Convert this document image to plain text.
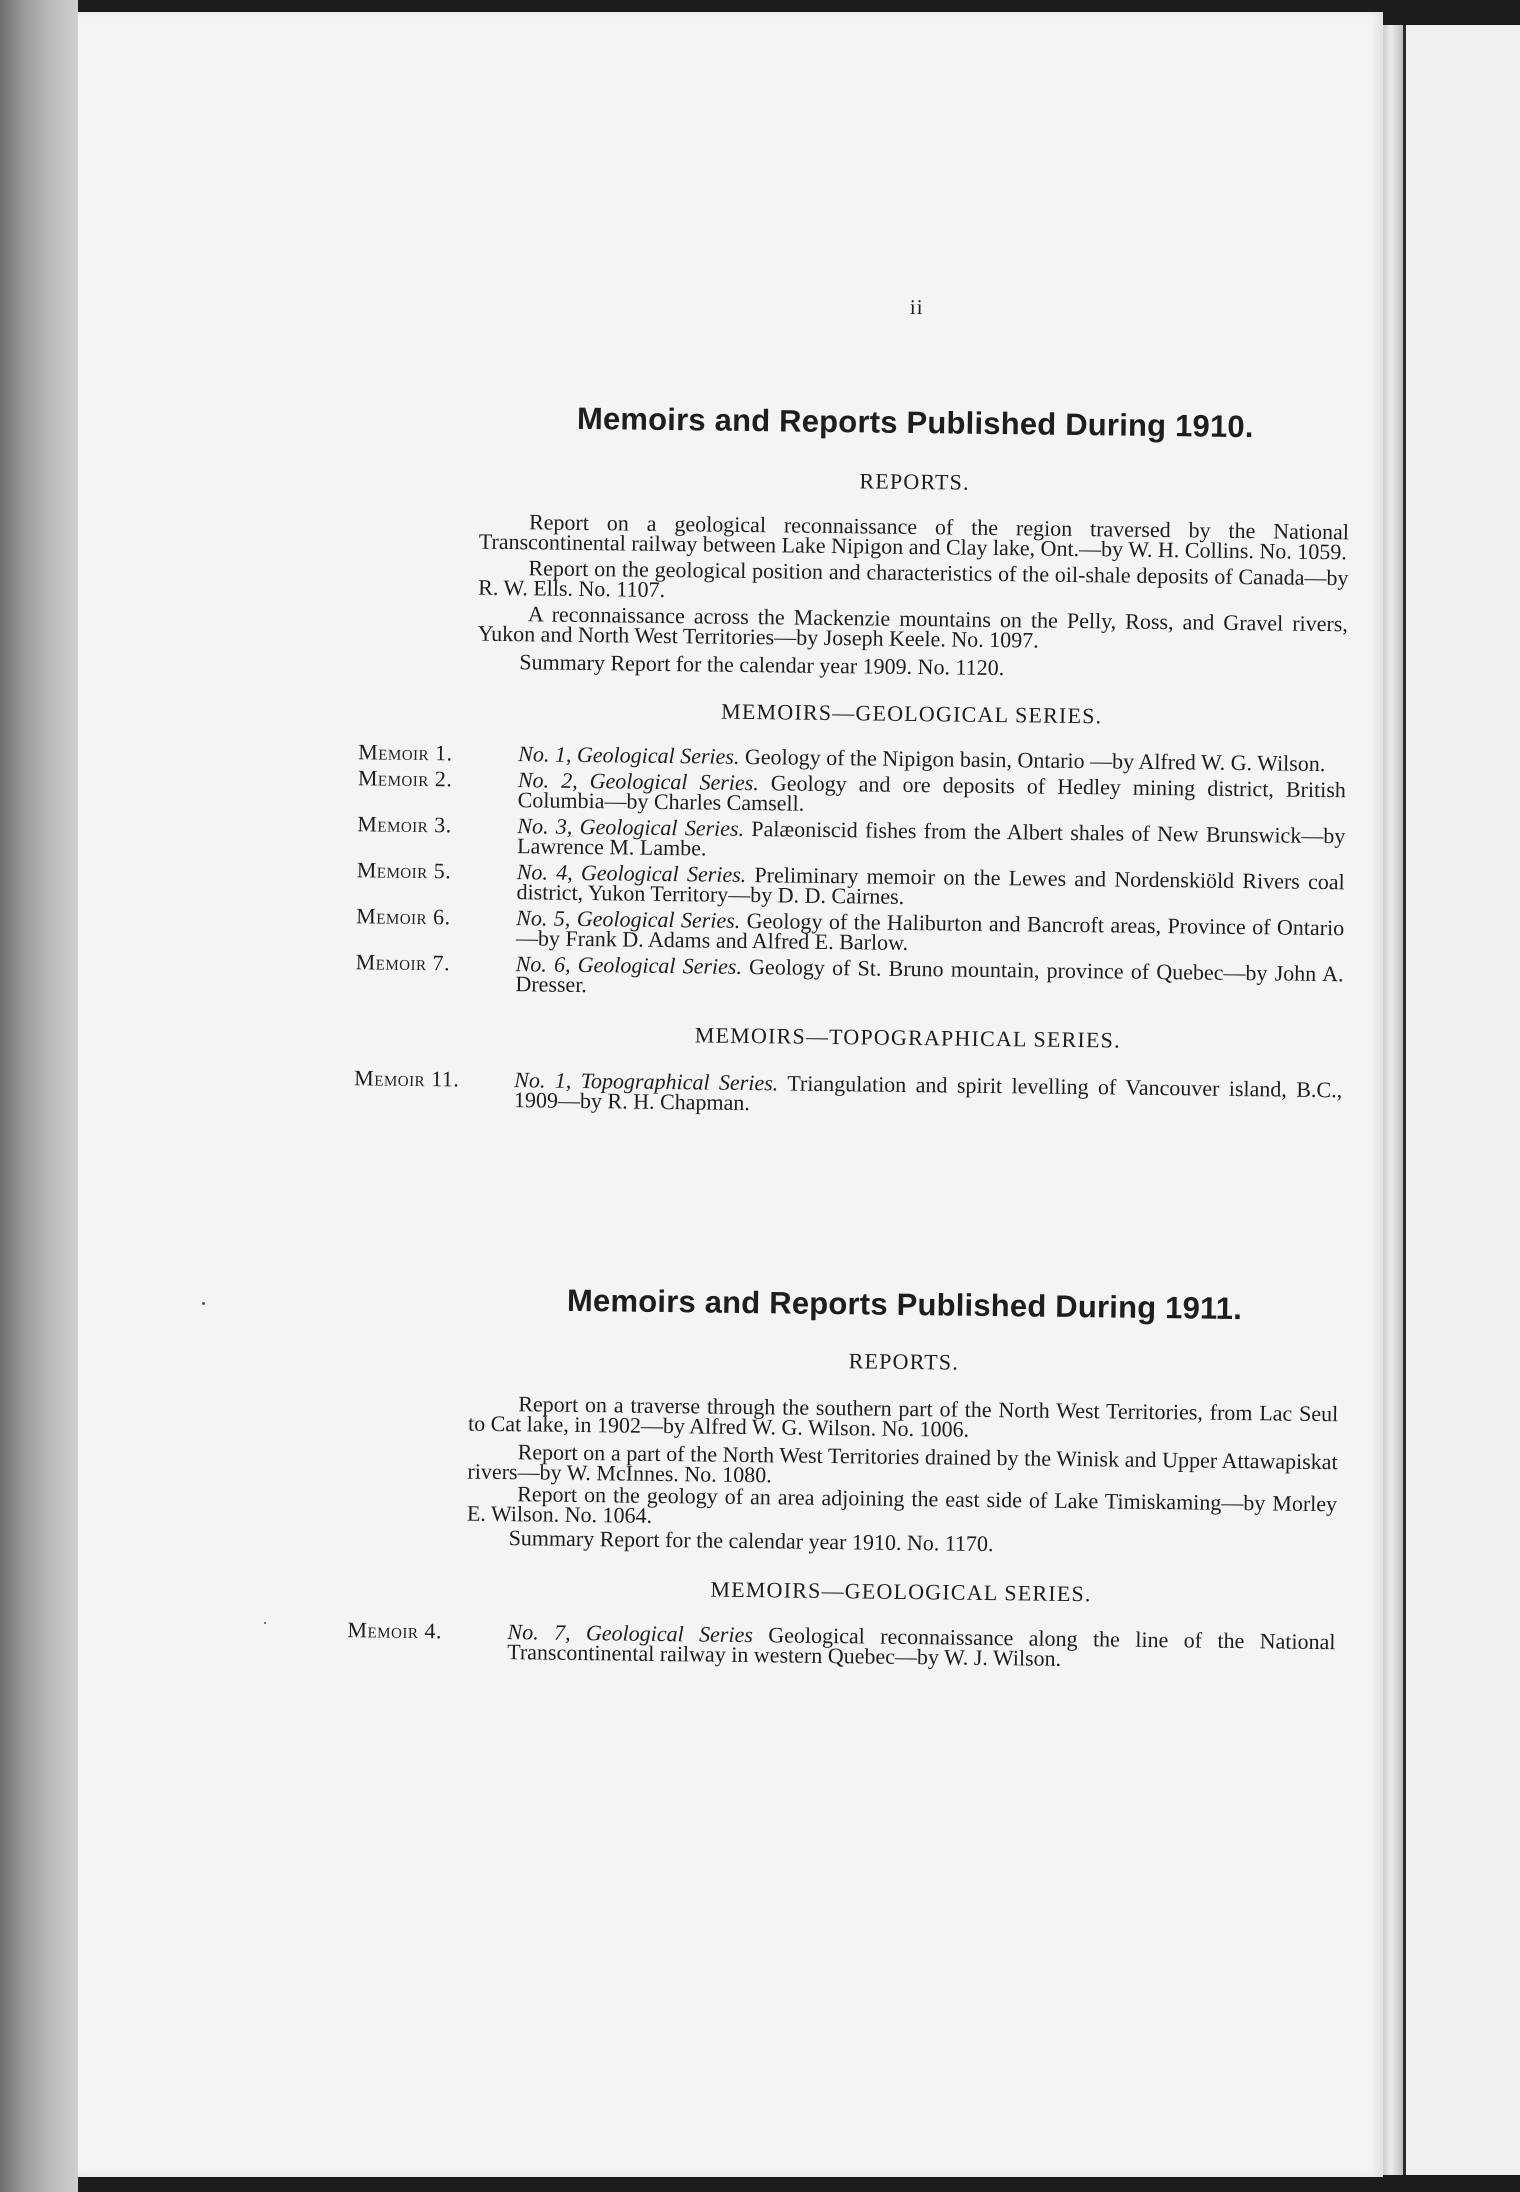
ii
Memoirs and Reports Published During 1910.

REPORTS.

Report on a geological reconnaissance of the region traversed by the National Transcontinental railway between Lake Nipigon and Clay lake, Ont.—by W. H. Collins. No. 1059.

Report on the geological position and characteristics of the oil-shale deposits of Canada—by R. W. Ells. No. 1107.

A reconnaissance across the Mackenzie mountains on the Pelly, Ross, and Gravel rivers, Yukon and North West Territories—by Joseph Keele. No. 1097.

Summary Report for the calendar year 1909. No. 1120.

MEMOIRS—GEOLOGICAL SERIES.

Memoir 1.	No. 1, Geological Series. Geology of the Nipigon basin, Ontario —by Alfred W. G. Wilson.
Memoir 2.	No. 2, Geological Series. Geology and ore deposits of Hedley mining district, British Columbia—by Charles Camsell.
Memoir 3.	No. 3, Geological Series. Palæoniscid fishes from the Albert shales of New Brunswick—by Lawrence M. Lambe.
Memoir 5.	No. 4, Geological Series. Preliminary memoir on the Lewes and Nordenskiöld Rivers coal district, Yukon Territory—by D. D. Cairnes.
Memoir 6.	No. 5, Geological Series. Geology of the Haliburton and Bancroft areas, Province of Ontario—by Frank D. Adams and Alfred E. Barlow.
Memoir 7.	No. 6, Geological Series. Geology of St. Bruno mountain, province of Quebec—by John A. Dresser.

MEMOIRS—TOPOGRAPHICAL SERIES.

Memoir 11.	No. 1, Topographical Series. Triangulation and spirit levelling of Vancouver island, B.C., 1909—by R. H. Chapman.
Memoirs and Reports Published During 1911.

REPORTS.

Report on a traverse through the southern part of the North West Territories, from Lac Seul to Cat lake, in 1902—by Alfred W. G. Wilson. No. 1006.

Report on a part of the North West Territories drained by the Winisk and Upper Attawapiskat rivers—by W. McInnes. No. 1080.

Report on the geology of an area adjoining the east side of Lake Timiskaming—by Morley E. Wilson. No. 1064.

Summary Report for the calendar year 1910. No. 1170.

MEMOIRS—GEOLOGICAL SERIES.

Memoir 4.	No. 7, Geological Series Geological reconnaissance along the line of the National Transcontinental railway in western Quebec—by W. J. Wilson.
